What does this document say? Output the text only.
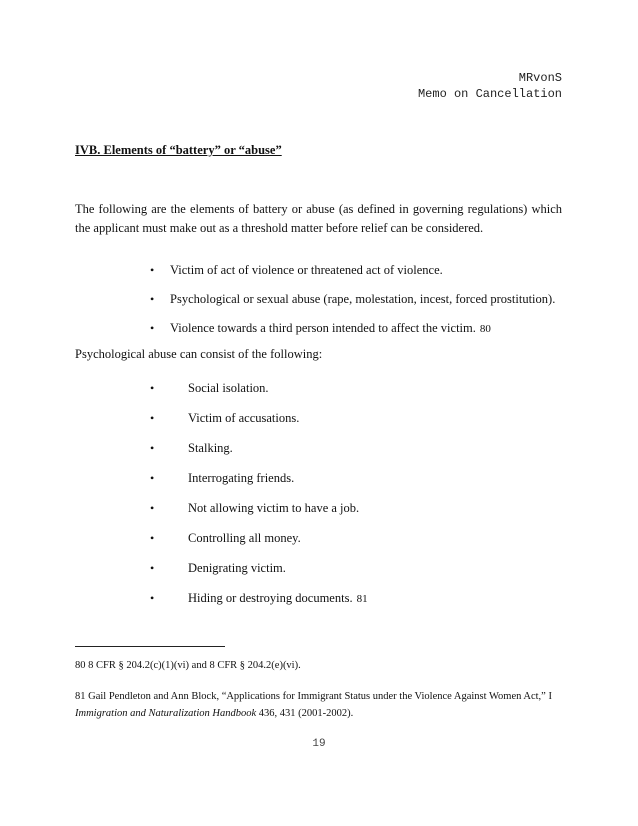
MRvonS
Memo on Cancellation
IVB. Elements of “battery” or “abuse”
The following are the elements of battery or abuse (as defined in governing regulations) which the applicant must make out as a threshold matter before relief can be considered.
• Victim of act of violence or threatened act of violence.
• Psychological or sexual abuse (rape, molestation, incest, forced prostitution).
• Violence towards a third person intended to affect the victim. 80
Psychological abuse can consist of the following:
•	Social isolation.
•	Victim of accusations.
•	Stalking.
•	Interrogating friends.
•	Not allowing victim to have a job.
•	Controlling all money.
•	Denigrating victim.
•	Hiding or destroying documents. 81
80 8 CFR § 204.2(c)(1)(vi) and 8 CFR § 204.2(e)(vi).
81 Gail Pendleton and Ann Block, “Applications for Immigrant Status under the Violence Against Women Act,” I Immigration and Naturalization Handbook 436, 431 (2001-2002).
19
